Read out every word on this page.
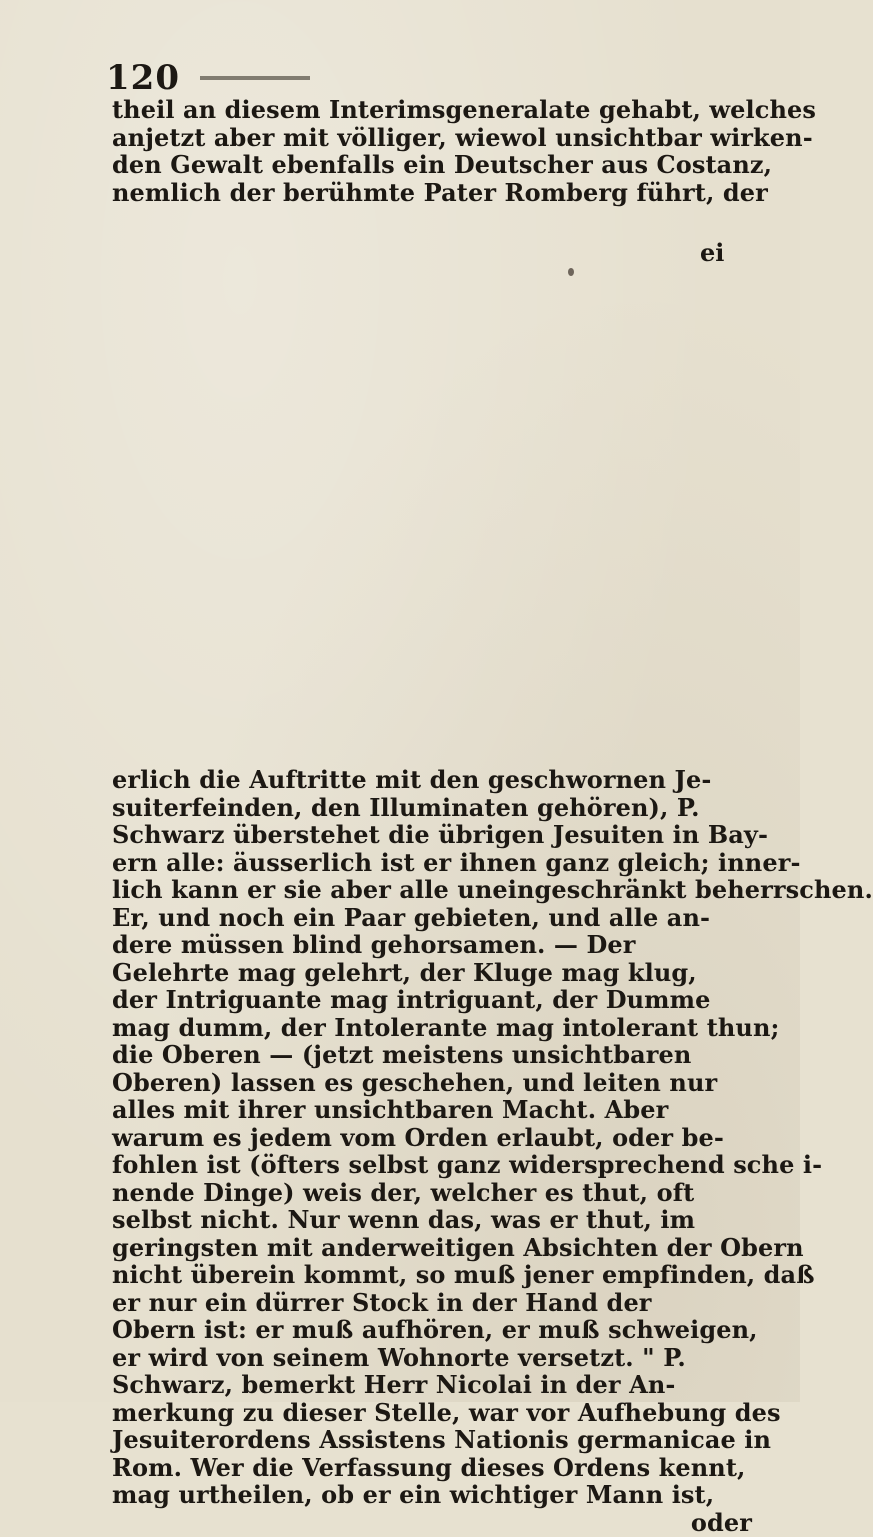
120
theil an diesem Interimsgeneralate gehabt, welches
anjetzt aber mit völliger, wiewol unsichtbar wirken-
den Gewalt ebenfalls ein Deutscher aus Costanz,
nemlich der berühmte Pater Romberg führt, der
ei
erlich die Auftritte mit den geschwornen Je-
suiterfeinden, den Illuminaten gehören), P.
Schwarz überstehet die übrigen Jesuiten in Bay-
ern alle: äusserlich ist er ihnen ganz gleich; inner-
lich kann er sie aber alle uneingeschränkt beherrschen.
Er, und noch ein Paar gebieten, und alle an-
dere müssen blind gehorsamen. — Der
Gelehrte mag gelehrt, der Kluge mag klug,
der Intriguante mag intriguant, der Dumme
mag dumm, der Intolerante mag intolerant thun;
die Oberen — (jetzt meistens unsichtbaren
Oberen) lassen es geschehen, und leiten nur
alles mit ihrer unsichtbaren Macht. Aber
warum es jedem vom Orden erlaubt, oder be-
fohlen ist (öfters selbst ganz widersprechend sche i-
nende Dinge) weis der, welcher es thut, oft
selbst nicht. Nur wenn das, was er thut, im
geringsten mit anderweitigen Absichten der Obern
nicht überein kommt, so muß jener empfinden, daß
er nur ein dürrer Stock in der Hand der
Obern ist: er muß aufhören, er muß schweigen,
er wird von seinem Wohnorte versetzt. " P.
Schwarz, bemerkt Herr Nicolai in der An-
merkung zu dieser Stelle, war vor Aufhebung des
Jesuiterordens Assistens Nationis germanicae in
Rom. Wer die Verfassung dieses Ordens kennt,
mag urtheilen, ob er ein wichtiger Mann ist,
oder
